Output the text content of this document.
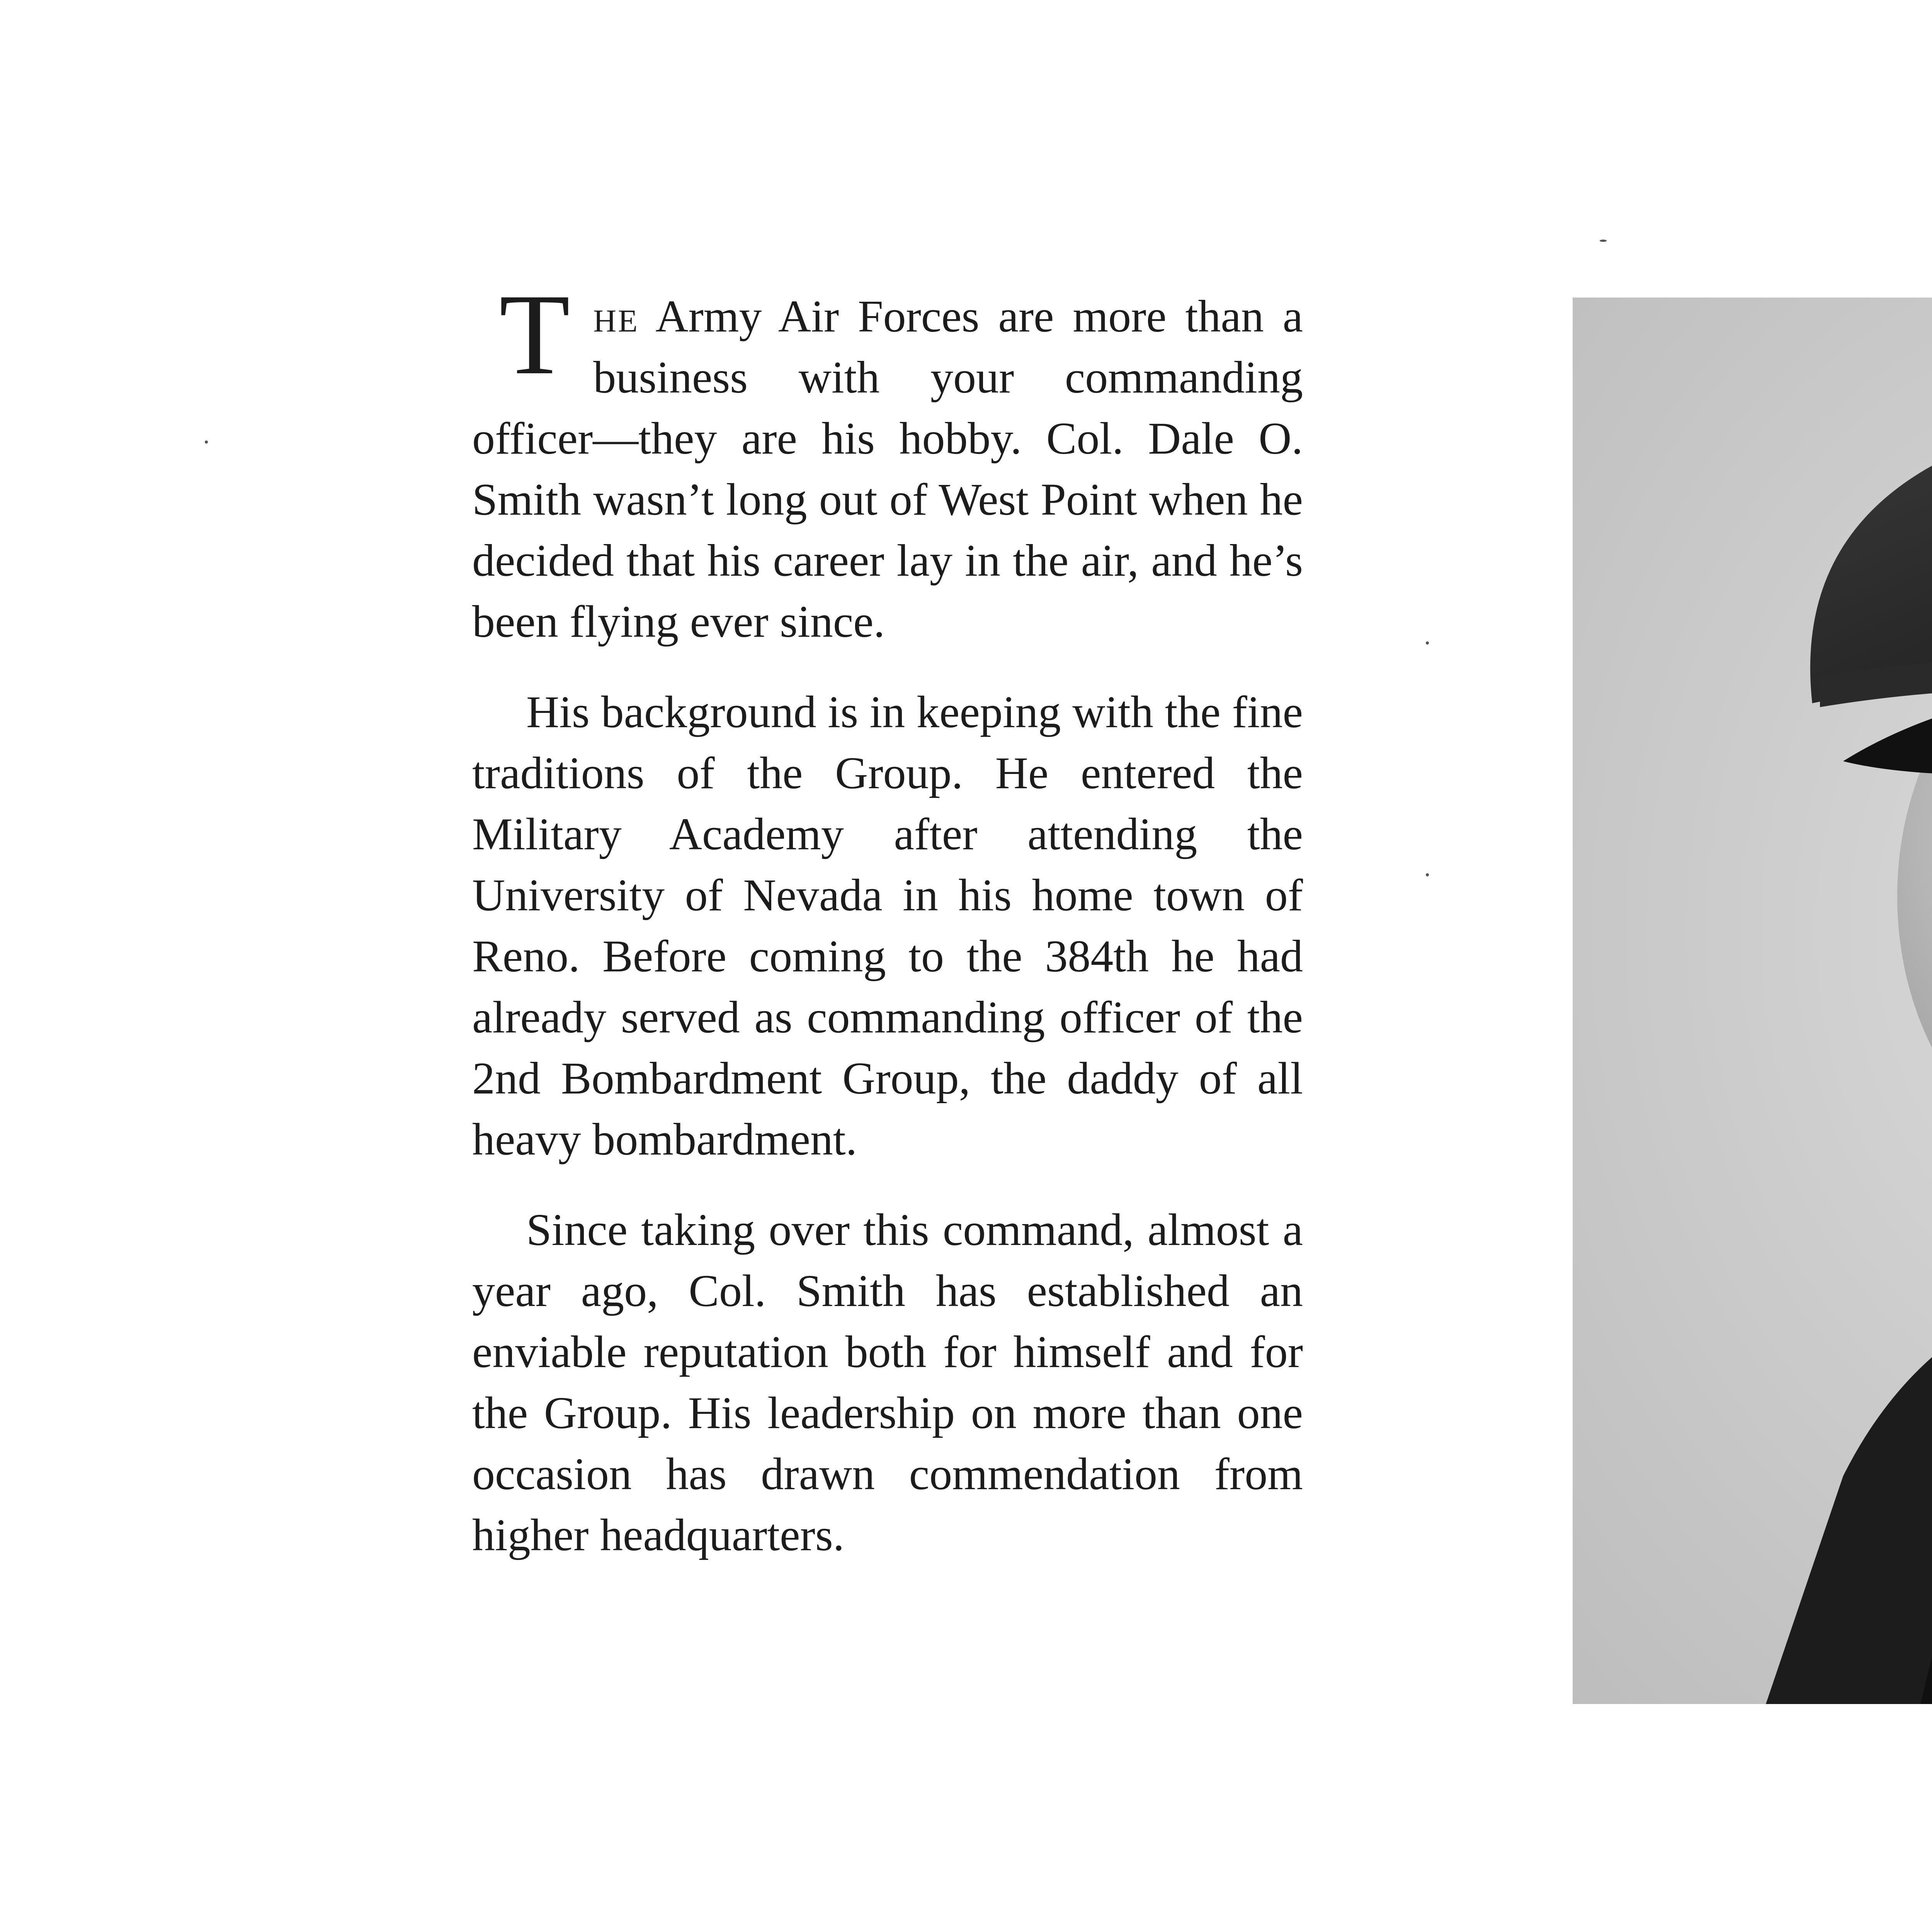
The Army Air Forces are more than a business with your commanding officer—they are his hobby. Col. Dale O. Smith wasn’t long out of West Point when he decided that his career lay in the air, and he’s been flying ever since.

His background is in keeping with the fine traditions of the Group. He entered the Military Academy after attending the University of Nevada in his home town of Reno. Before coming to the 384th he had already served as commanding officer of the 2nd Bombardment Group, the daddy of all heavy bombardment.

Since taking over this command, almost a year ago, Col. Smith has established an enviable reputation both for himself and for the Group. His leadership on more than one occasion has drawn commendation from higher headquarters.
